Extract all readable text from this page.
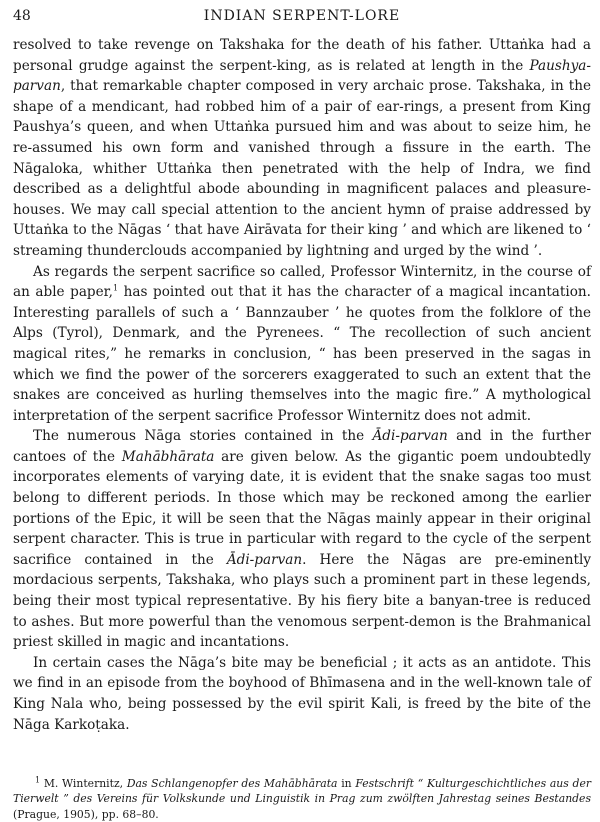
48	INDIAN SERPENT-LORE

resolved to take revenge on Takshaka for the death of his father. Uttaṅka had a personal grudge against the serpent-king, as is related at length in the Paushya-parvan, that remarkable chapter composed in very archaic prose. Takshaka, in the shape of a mendicant, had robbed him of a pair of ear-rings, a present from King Paushya’s queen, and when Uttaṅka pursued him and was about to seize him, he re-assumed his own form and vanished through a fissure in the earth. The Nāgaloka, whither Uttaṅka then penetrated with the help of Indra, we find described as a delightful abode abounding in magnificent palaces and pleasure-houses. We may call special attention to the ancient hymn of praise addressed by Uttaṅka to the Nāgas ‘ that have Airāvata for their king ’ and which are likened to ‘ streaming thunderclouds accompanied by lightning and urged by the wind ’.

As regards the serpent sacrifice so called, Professor Winternitz, in the course of an able paper,$^1$ has pointed out that it has the character of a magical incantation. Interesting parallels of such a ‘ Bannzauber ’ he quotes from the folklore of the Alps (Tyrol), Denmark, and the Pyrenees. “ The recollection of such ancient magical rites,” he remarks in conclusion, “ has been preserved in the sagas in which we find the power of the sorcerers exaggerated to such an extent that the snakes are conceived as hurling themselves into the magic fire.” A mythological interpretation of the serpent sacrifice Professor Winternitz does not admit.

The numerous Nāga stories contained in the Ādi-parvan and in the further cantoes of the Mahābhārata are given below. As the gigantic poem undoubtedly incorporates elements of varying date, it is evident that the snake sagas too must belong to different periods. In those which may be reckoned among the earlier portions of the Epic, it will be seen that the Nāgas mainly appear in their original serpent character. This is true in particular with regard to the cycle of the serpent sacrifice contained in the Ādi-parvan. Here the Nāgas are pre-eminently mordacious serpents, Takshaka, who plays such a prominent part in these legends, being their most typical representative. By his fiery bite a banyan-tree is reduced to ashes. But more powerful than the venomous serpent-demon is the Brahmanical priest skilled in magic and incantations.

In certain cases the Nāga’s bite may be beneficial ; it acts as an antidote. This we find in an episode from the boyhood of Bhīmasena and in the well-known tale of King Nala who, being possessed by the evil spirit Kali, is freed by the bite of the Nāga Karkoṭaka.

$^1$ M. Winternitz, Das Schlangenopfer des Mahābhārata in Festschrift “ Kulturgeschichtliches aus der Tierwelt ” des Vereins für Volkskunde und Linguistik in Prag zum zwölften Jahrestag seines Bestandes (Prague, 1905), pp. 68–80.
